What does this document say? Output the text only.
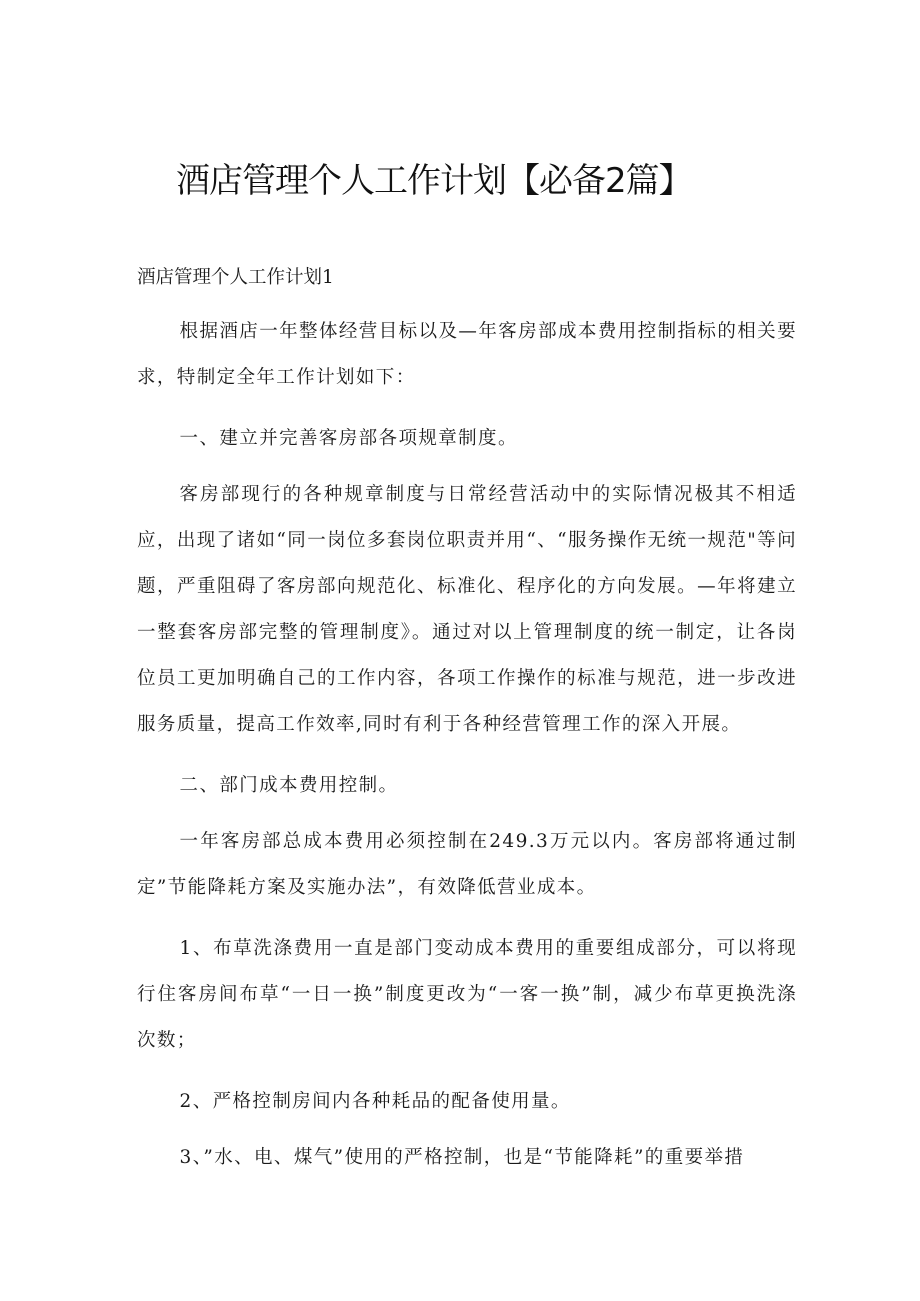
酒店管理个人工作计划【必备2篇】

酒店管理个人工作计划1

根据酒店一年整体经营目标以及—年客房部成本费用控制指标的相关要求，特制定全年工作计划如下：

一、建立并完善客房部各项规章制度。

客房部现行的各种规章制度与日常经营活动中的实际情况极其不相适应，出现了诸如“同一岗位多套岗位职责并用“、“服务操作无统一规范"等问题，严重阻碍了客房部向规范化、标准化、程序化的方向发展。—年将建立一整套客房部完整的管理制度》。通过对以上管理制度的统一制定，让各岗位员工更加明确自己的工作内容，各项工作操作的标准与规范，进一步改进服务质量，提高工作效率,同时有利于各种经营管理工作的深入开展。

二、部门成本费用控制。

一年客房部总成本费用必须控制在249.3万元以内。客房部将通过制定”节能降耗方案及实施办法”，有效降低营业成本。

1、布草洗涤费用一直是部门变动成本费用的重要组成部分，可以将现行住客房间布草“一日一换”制度更改为“一客一换”制，减少布草更换洗涤次数；

2、严格控制房间内各种耗品的配备使用量。

3、”水、电、煤气”使用的严格控制，也是“节能降耗”的重要举措
